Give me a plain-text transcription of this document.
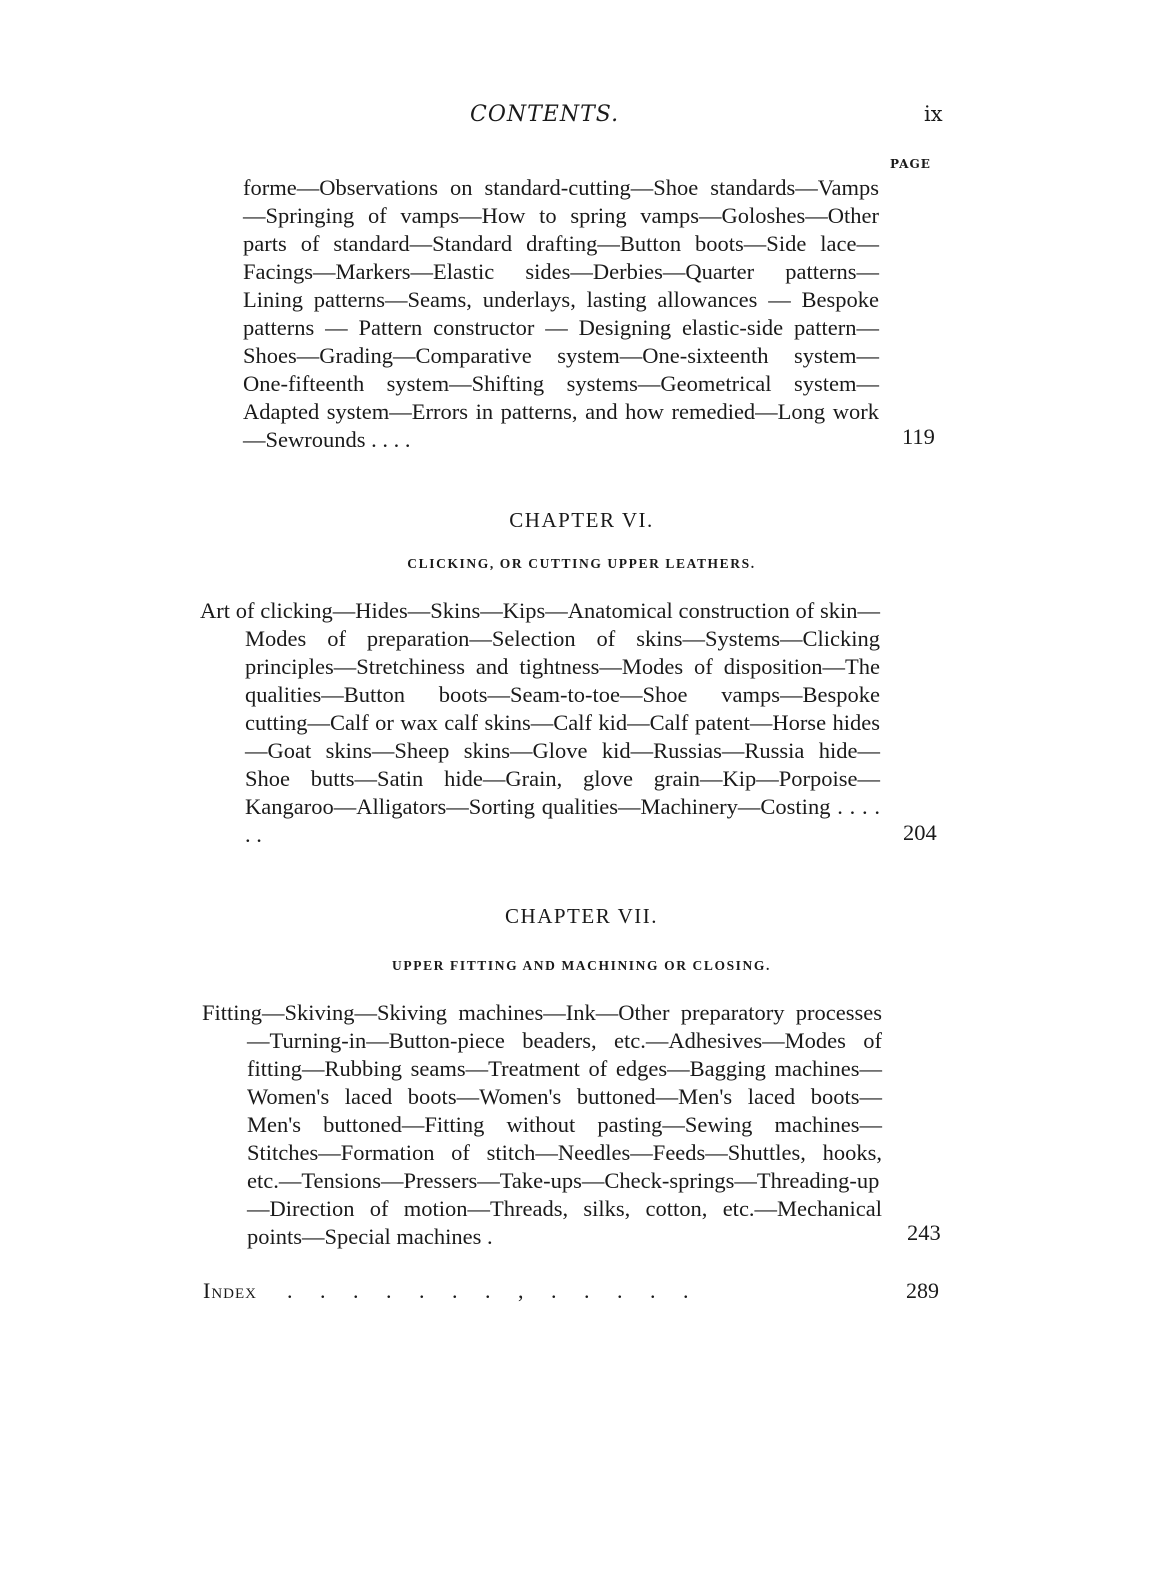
CONTENTS.	ix
PAGE
forme—Observations on standard-cutting—Shoe standards—Vamps—Springing of vamps—How to spring vamps—Goloshes—Other parts of standard—Standard drafting—Button boots—Side lace—Facings—Markers—Elastic sides—Derbies—Quarter patterns—Lining patterns—Seams, underlays, lasting allowances — Bespoke patterns — Pattern constructor — Designing elastic-side pattern—Shoes—Grading—Comparative system—One-sixteenth system—One-fifteenth system—Shifting systems—Geometrical system—Adapted system—Errors in patterns, and how remedied—Long work—Sewrounds . . . .	119
CHAPTER VI.
CLICKING, OR CUTTING UPPER LEATHERS.
Art of clicking—Hides—Skins—Kips—Anatomical construction of skin—Modes of preparation—Selection of skins—Systems—Clicking principles—Stretchiness and tightness—Modes of disposition—The qualities—Button boots—Seam-to-toe—Shoe vamps—Bespoke cutting—Calf or wax calf skins—Calf kid—Calf patent—Horse hides—Goat skins—Sheep skins—Glove kid—Russias—Russia hide—Shoe butts—Satin hide—Grain, glove grain—Kip—Porpoise—Kangaroo—Alligators—Sorting qualities—Machinery—Costing . . . . . .	204
CHAPTER VII.
UPPER FITTING AND MACHINING OR CLOSING.
Fitting—Skiving—Skiving machines—Ink—Other preparatory processes—Turning-in—Button-piece beaders, etc.—Adhesives—Modes of fitting—Rubbing seams—Treatment of edges—Bagging machines—Women's laced boots—Women's buttoned—Men's laced boots—Men's buttoned—Fitting without pasting—Sewing machines—Stitches—Formation of stitch—Needles—Feeds—Shuttles, hooks, etc.—Tensions—Pressers—Take-ups—Check-springs—Threading-up—Direction of motion—Threads, silks, cotton, etc.—Mechanical points—Special machines .	243
Index .     .     .     .     .     .     .     ,     .     .     .     .     .	289
